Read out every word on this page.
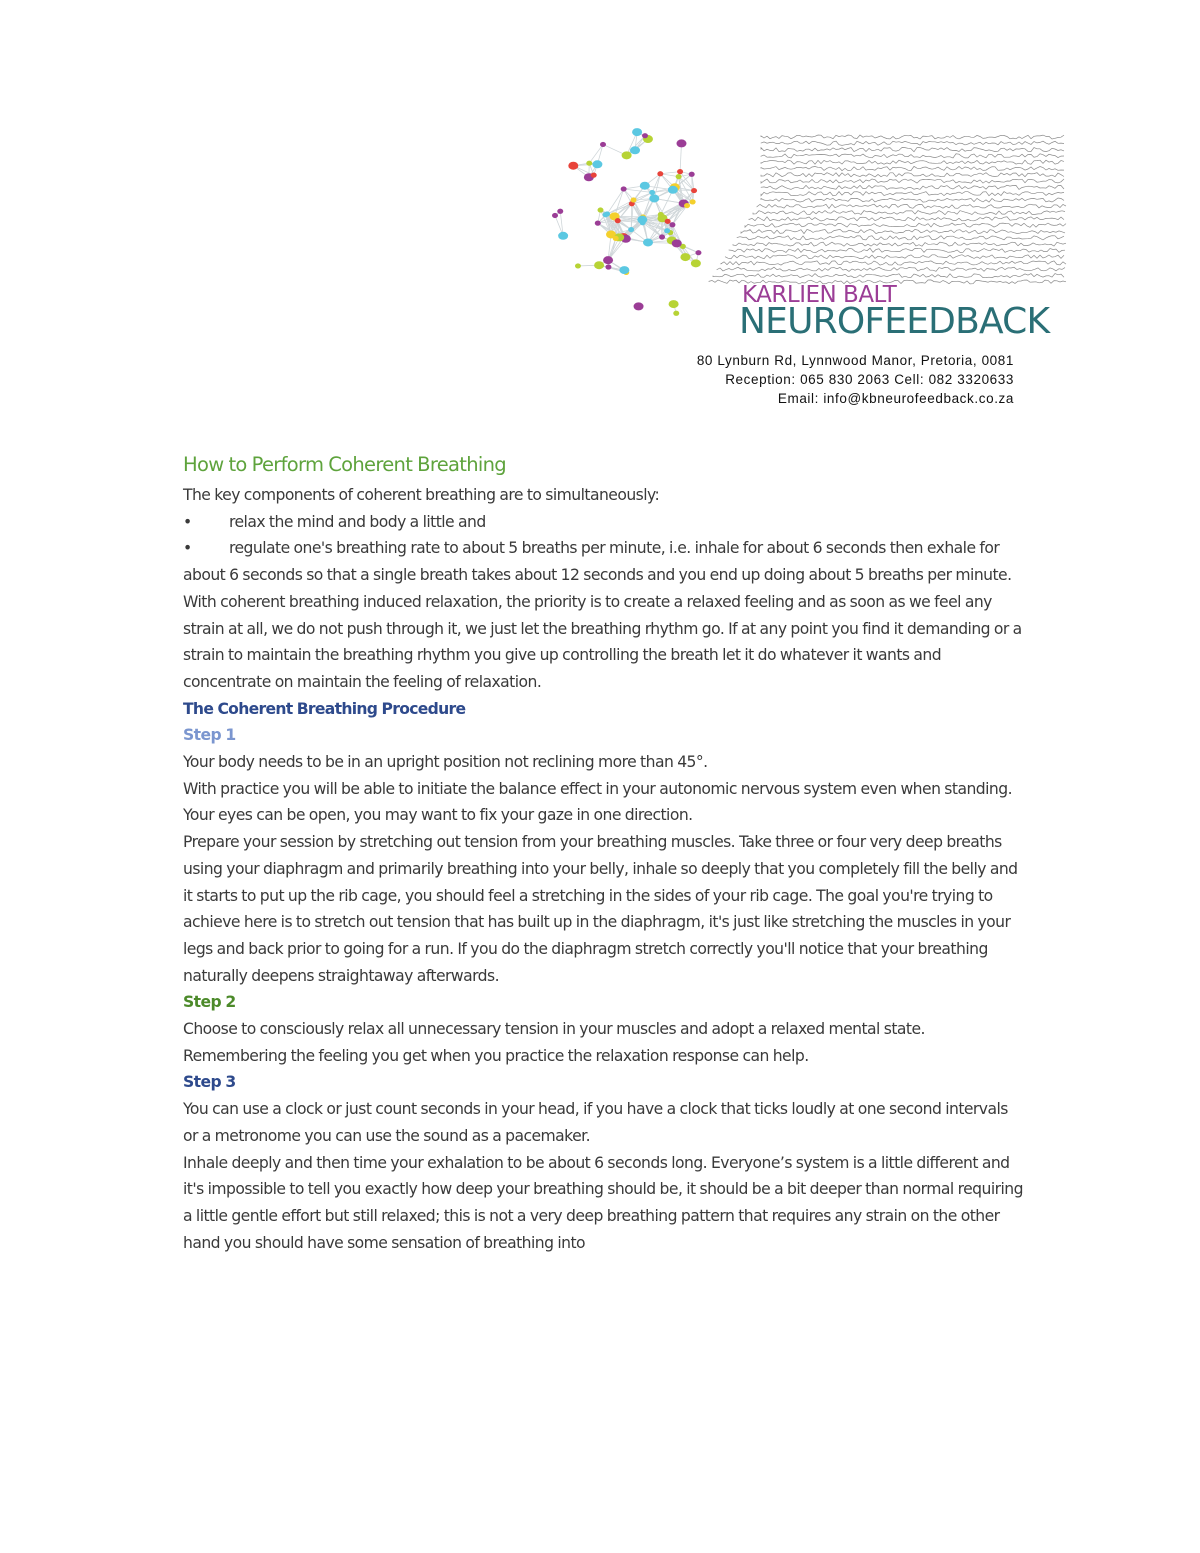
KARLIEN BALT
NEUROFEEDBACK
80 Lynburn Rd, Lynnwood Manor, Pretoria, 0081
Reception: 065 830 2063 Cell: 082 3320633
Email: info@kbneurofeedback.co.za
How to Perform Coherent Breathing

The key components of coherent breathing are to simultaneously:

•	relax the mind and body a little and
• regulate one's breathing rate to about 5 breaths per minute, i.e. inhale for about 6 seconds then exhale for about 6 seconds so that a single breath takes about 12 seconds and you end up doing about 5 breaths per minute.

With coherent breathing induced relaxation, the priority is to create a relaxed feeling and as soon as we feel any strain at all, we do not push through it, we just let the breathing rhythm go. If at any point you find it demanding or a strain to maintain the breathing rhythm you give up controlling the breath let it do whatever it wants and concentrate on maintain the feeling of relaxation.

The Coherent Breathing Procedure

Step 1

Your body needs to be in an upright position not reclining more than 45°.

With practice you will be able to initiate the balance effect in your autonomic nervous system even when standing.

Your eyes can be open, you may want to fix your gaze in one direction.

Prepare your session by stretching out tension from your breathing muscles. Take three or four very deep breaths using your diaphragm and primarily breathing into your belly, inhale so deeply that you completely fill the belly and it starts to put up the rib cage, you should feel a stretching in the sides of your rib cage. The goal you're trying to achieve here is to stretch out tension that has built up in the diaphragm, it's just like stretching the muscles in your legs and back prior to going for a run. If you do the diaphragm stretch correctly you'll notice that your breathing naturally deepens straightaway afterwards.

Step 2

Choose to consciously relax all unnecessary tension in your muscles and adopt a relaxed mental state. Remembering the feeling you get when you practice the relaxation response can help.

Step 3

You can use a clock or just count seconds in your head, if you have a clock that ticks loudly at one second intervals or a metronome you can use the sound as a pacemaker.

Inhale deeply and then time your exhalation to be about 6 seconds long. Everyone’s system is a little different and it's impossible to tell you exactly how deep your breathing should be, it should be a bit deeper than normal requiring a little gentle effort but still relaxed; this is not a very deep breathing pattern that requires any strain on the other hand you should have some sensation of breathing into
